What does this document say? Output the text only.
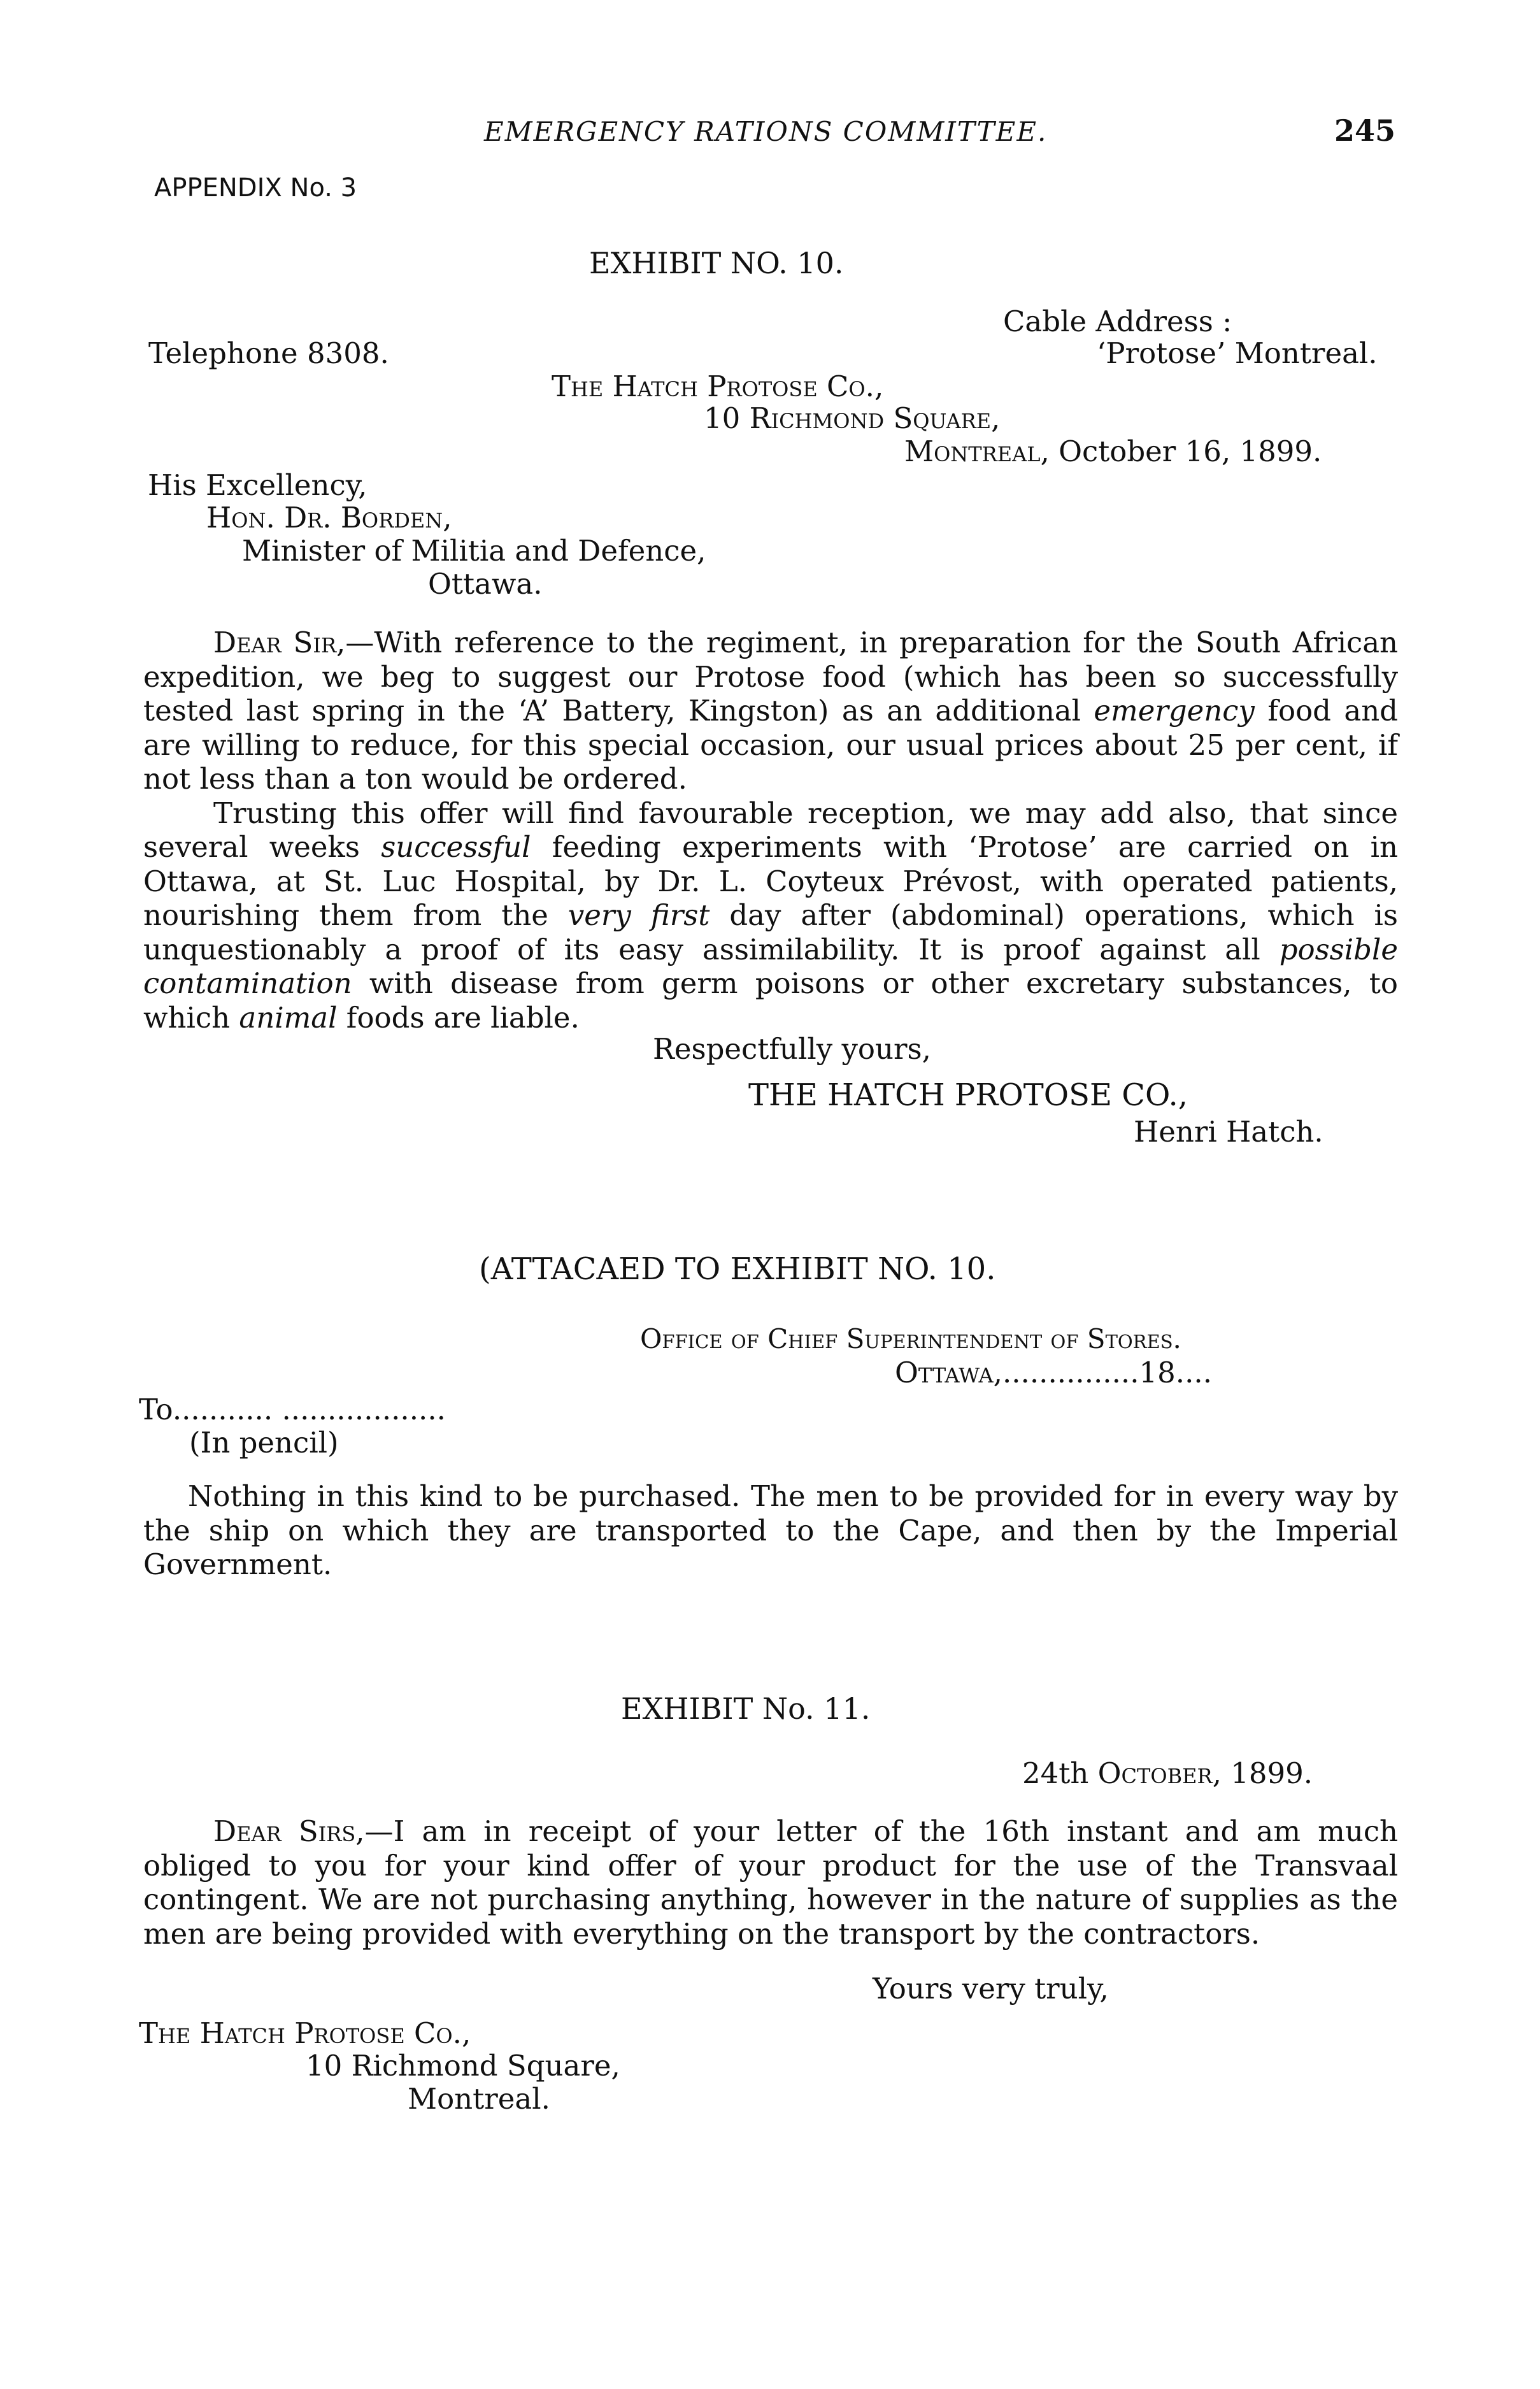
EMERGENCY RATIONS COMMITTEE.	245
APPENDIX No. 3
EXHIBIT NO. 10.
Cable Address :
Telephone 8308.	‘Protose’ Montreal.
The Hatch Protose Co.,
10 Richmond Square,
Montreal, October 16, 1899.
His Excellency,
Hon. Dr. Borden,
Minister of Militia and Defence,
Ottawa.

Dear Sir,—With reference to the regiment, in preparation for the South African expedition, we beg to suggest our Protose food (which has been so successfully tested last spring in the ‘A’ Battery, Kingston) as an additional emergency food and are willing to reduce, for this special occasion, our usual prices about 25 per cent, if not less than a ton would be ordered.

Trusting this offer will find favourable reception, we may add also, that since several weeks successful feeding experiments with ‘Protose’ are carried on in Ottawa, at St. Luc Hospital, by Dr. L. Coyteux Prévost, with operated patients, nourishing them from the very first day after (abdominal) operations, which is unquestionably a proof of its easy assimilability. It is proof against all possible contamination with disease from germ poisons or other excretary substances, to which animal foods are liable.

Respectfully yours,
THE HATCH PROTOSE CO.,
Henri Hatch.
(ATTACAED TO EXHIBIT NO. 10.
Office of Chief Superintendent of Stores.
Ottawa,...............18....
To........... ..................
(In pencil)

Nothing in this kind to be purchased. The men to be provided for in every way by the ship on which they are transported to the Cape, and then by the Imperial Government.

EXHIBIT No. 11.
24th October, 1899.

Dear Sirs,—I am in receipt of your letter of the 16th instant and am much obliged to you for your kind offer of your product for the use of the Transvaal contingent. We are not purchasing anything, however in the nature of supplies as the men are being provided with everything on the transport by the contractors.

Yours very truly,
The Hatch Protose Co.,
10 Richmond Square,
Montreal.
